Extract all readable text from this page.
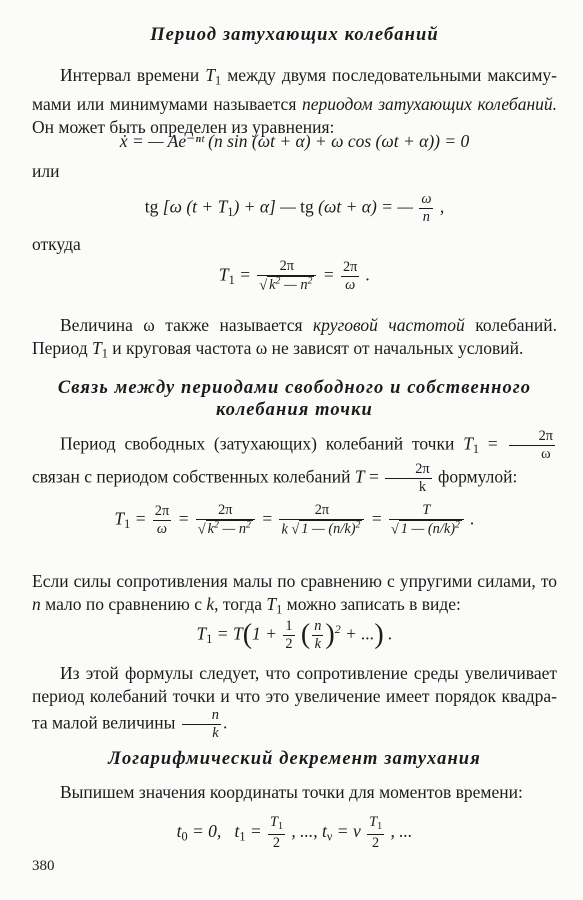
Период затухающих колебаний
Интервал времени $T_1$ между двумя последовательными максиму-мами или минимумами называется периодом затухающих колебаний. Он может быть определен из уравнения:
ẋ = — Ae⁻ⁿᵗ (n sin (ωt + α) + ω cos (ωt + α)) = 0
или
tg [ω $(t + T_1) + \alpha$] — tg (ωt + α) = — $\frac{\omega}{n}$ ,
откуда
$T_1 = \frac{2\pi}{√ k^2 — n^2} = \frac{2\pi}{\omega}$ .
Величина ω также называется круговой частотой колебаний. Период $T_1$ и круговая частота ω не зависят от начальных условий.
Связь между периодами свободного и собственного
колебания точки
Период свободных (затухающих) колебаний точки $T_1 = \frac{2\pi}{\omega}$
связан с периодом собственных колебаний $T = \frac{2\pi}{k}$ формулой:
$T_1 = \frac{2\pi}{\omega} = \frac{2\pi}{√ k^2 — n^2} = \frac{2\pi}{k √ 1 — (n/k)^2} = \frac{T}{√ 1 — (n/k)^2}$ .
Если силы сопротивления малы по сравнению с упругими силами, то n мало по сравнению с k, тогда $T_1$ можно записать в виде:
$T_1 = T(1 + \frac{1}{2}$ ( $\frac{n}{k} )^2$ + ...) .
Из этой формулы следует, что сопротивление среды увеличивает период колебаний точки и что это увеличение имеет порядок квадра- та малой величины $\frac{n}{k}$ .
Логарифмический декремент затухания
Выпишем значения координаты точки для моментов времени:
$t_0 = 0$,   $t_1 = \frac{T_1}{2}$ , ..., $t_\nu = \nu \frac{T_1}{2}$ , ...
380
